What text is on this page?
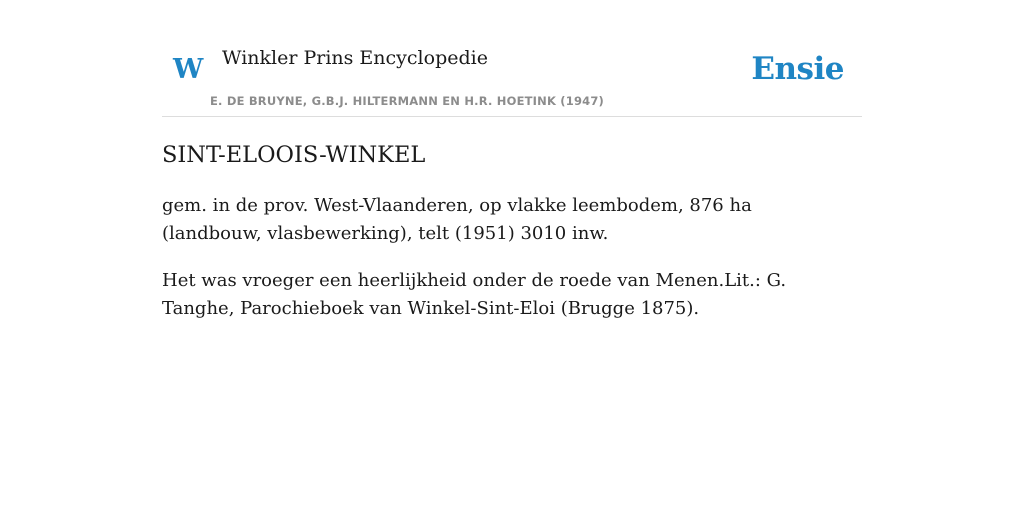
W Winkler Prins Encyclopedie
E. DE BRUYNE, G.B.J. HILTERMANN EN H.R. HOETINK (1947)
Ensie
SINT-ELOOIS-WINKEL

gem. in de prov. West-Vlaanderen, op vlakke leembodem, 876 ha (landbouw, vlasbewerking), telt (1951) 3010 inw.

Het was vroeger een heerlijkheid onder de roede van Menen.Lit.: G. Tanghe, Parochieboek van Winkel-Sint-Eloi (Brugge 1875).
